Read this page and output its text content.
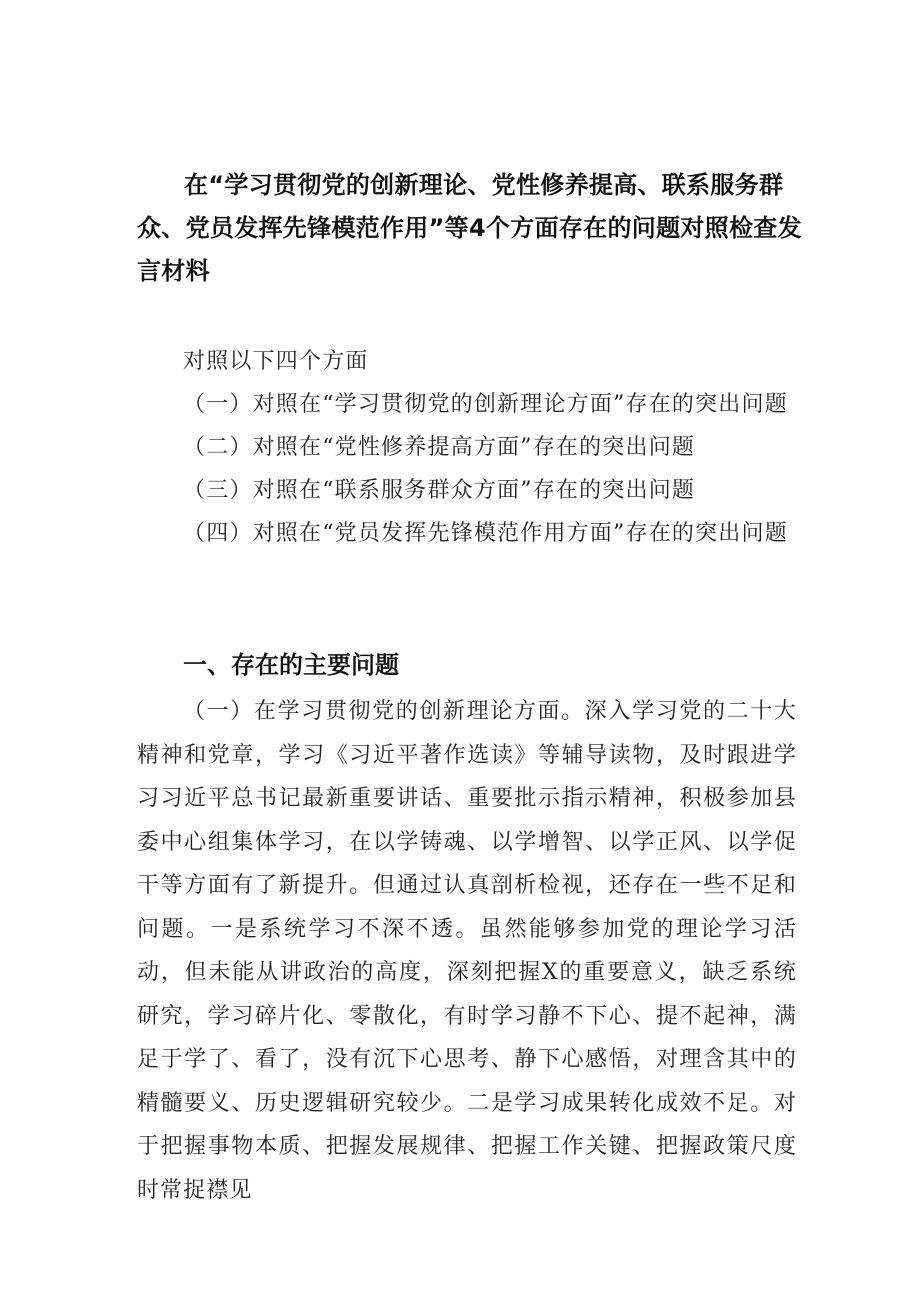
在“学习贯彻党的创新理论、党性修养提高、联系服务群众、党员发挥先锋模范作用”等4个方面存在的问题对照检查发言材料

对照以下四个方面

（一）对照在“学习贯彻党的创新理论方面”存在的突出问题

（二）对照在“党性修养提高方面”存在的突出问题

（三）对照在“联系服务群众方面”存在的突出问题

（四）对照在“党员发挥先锋模范作用方面”存在的突出问题

一、存在的主要问题

（一）在学习贯彻党的创新理论方面。深入学习党的二十大精神和党章，学习《习近平著作选读》等辅导读物，及时跟进学习习近平总书记最新重要讲话、重要批示指示精神，积极参加县委中心组集体学习，在以学铸魂、以学增智、以学正风、以学促干等方面有了新提升。但通过认真剖析检视，还存在一些不足和问题。一是系统学习不深不透。虽然能够参加党的理论学习活动，但未能从讲政治的高度，深刻把握X的重要意义，缺乏系统研究，学习碎片化、零散化，有时学习静不下心、提不起神，满足于学了、看了，没有沉下心思考、静下心感悟，对理含其中的精髓要义、历史逻辑研究较少。二是学习成果转化成效不足。对于把握事物本质、把握发展规律、把握工作关键、把握政策尺度时常捉襟见
